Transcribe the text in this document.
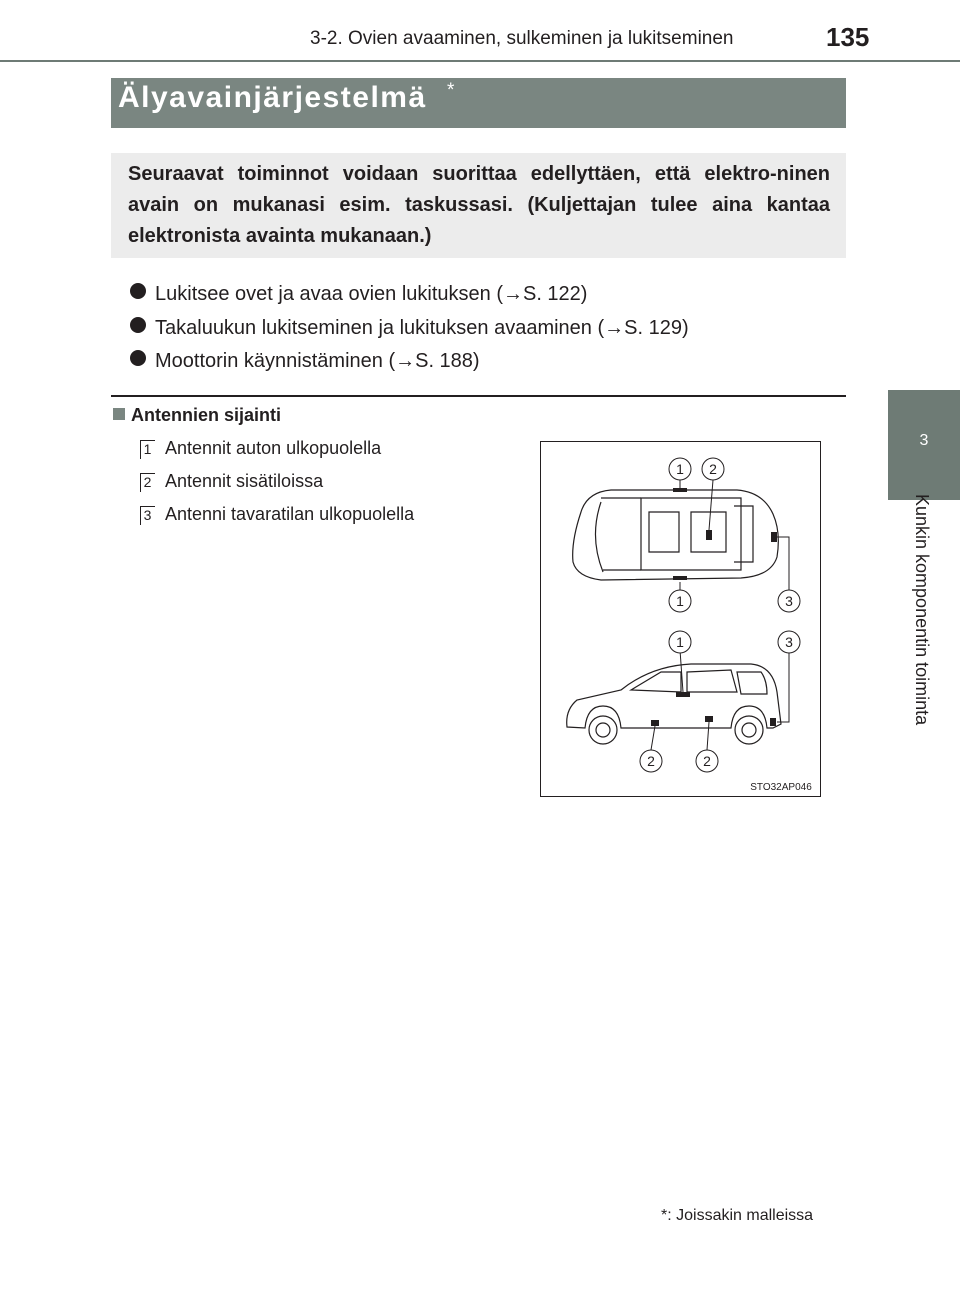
3-2. Ovien avaaminen, sulkeminen ja lukitseminen	135
3
Kunkin komponentin toiminta
Älyavainjärjestelmä *
Seuraavat toiminnot voidaan suorittaa edellyttäen, että elektro-ninen avain on mukanasi esim. taskussasi. (Kuljettajan tulee aina kantaa elektronista avainta mukanaan.)
Lukitsee ovet ja avaa ovien lukituksen (→S. 122)
Takaluukun lukitseminen ja lukituksen avaaminen (→S. 129)
Moottorin käynnistäminen (→S. 188)
Antennien sijainti
1 Antennit auton ulkopuolella
2 Antennit sisätiloissa
3 Antenni tavaratilan ulkopuolella
1 2
1	3
1	3
2	2
STO32AP046
*: Joissakin malleissa
